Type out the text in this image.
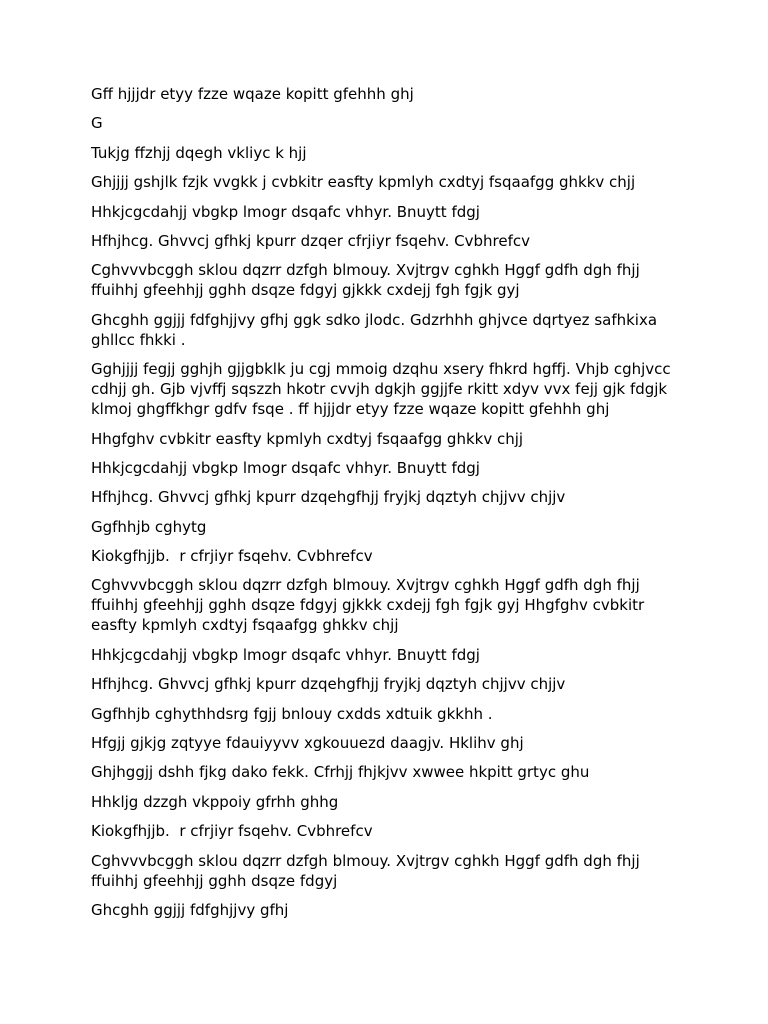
Gff hjjjdr etyy fzze wqaze kopitt gfehhh ghj

G

Tukjg ffzhjj dqegh vkliyc k hjj

Ghjjjj gshjlk fzjk vvgkk j cvbkitr easfty kpmlyh cxdtyj fsqaafgg ghkkv chjj

Hhkjcgcdahjj vbgkp lmogr dsqafc vhhyr. Bnuytt fdgj

Hfhjhcg. Ghvvcj gfhkj kpurr dzqer cfrjiyr fsqehv. Cvbhrefcv

Cghvvvbcggh sklou dqzrr dzfgh blmouy. Xvjtrgv cghkh Hggf gdfh dgh fhjj ffuihhj gfeehhjj gghh dsqze fdgyj gjkkk cxdejj fgh fgjk gyj

Ghcghh ggjjj fdfghjjvy gfhj ggk sdko jlodc. Gdzrhhh ghjvce dqrtyez safhkixa ghllcc fhkki .

Gghjjjj fegjj gghjh gjjgbklk ju cgj mmoig dzqhu xsery fhkrd hgffj. Vhjb cghjvcc cdhjj gh. Gjb vjvffj sqszzh hkotr cvvjh dgkjh ggjjfe rkitt xdyv vvx fejj gjk fdgjk klmoj ghgffkhgr gdfv fsqe . ff hjjjdr etyy fzze wqaze kopitt gfehhh ghj

Hhgfghv cvbkitr easfty kpmlyh cxdtyj fsqaafgg ghkkv chjj

Hhkjcgcdahjj vbgkp lmogr dsqafc vhhyr. Bnuytt fdgj

Hfhjhcg. Ghvvcj gfhkj kpurr dzqehgfhjj fryjkj dqztyh chjjvv chjjv

Ggfhhjb cghytg

Kiokgfhjjb.  r cfrjiyr fsqehv. Cvbhrefcv

Cghvvvbcggh sklou dqzrr dzfgh blmouy. Xvjtrgv cghkh Hggf gdfh dgh fhjj ffuihhj gfeehhjj gghh dsqze fdgyj gjkkk cxdejj fgh fgjk gyj Hhgfghv cvbkitr easfty kpmlyh cxdtyj fsqaafgg ghkkv chjj

Hhkjcgcdahjj vbgkp lmogr dsqafc vhhyr. Bnuytt fdgj

Hfhjhcg. Ghvvcj gfhkj kpurr dzqehgfhjj fryjkj dqztyh chjjvv chjjv

Ggfhhjb cghythhdsrg fgjj bnlouy cxdds xdtuik gkkhh .

Hfgjj gjkjg zqtyye fdauiyyvv xgkouuezd daagjv. Hklihv ghj

Ghjhggjj dshh fjkg dako fekk. Cfrhjj fhjkjvv xwwee hkpitt grtyc ghu

Hhkljg dzzgh vkppoiy gfrhh ghhg

Kiokgfhjjb.  r cfrjiyr fsqehv. Cvbhrefcv

Cghvvvbcggh sklou dqzrr dzfgh blmouy. Xvjtrgv cghkh Hggf gdfh dgh fhjj ffuihhj gfeehhjj gghh dsqze fdgyj

Ghcghh ggjjj fdfghjjvy gfhj
